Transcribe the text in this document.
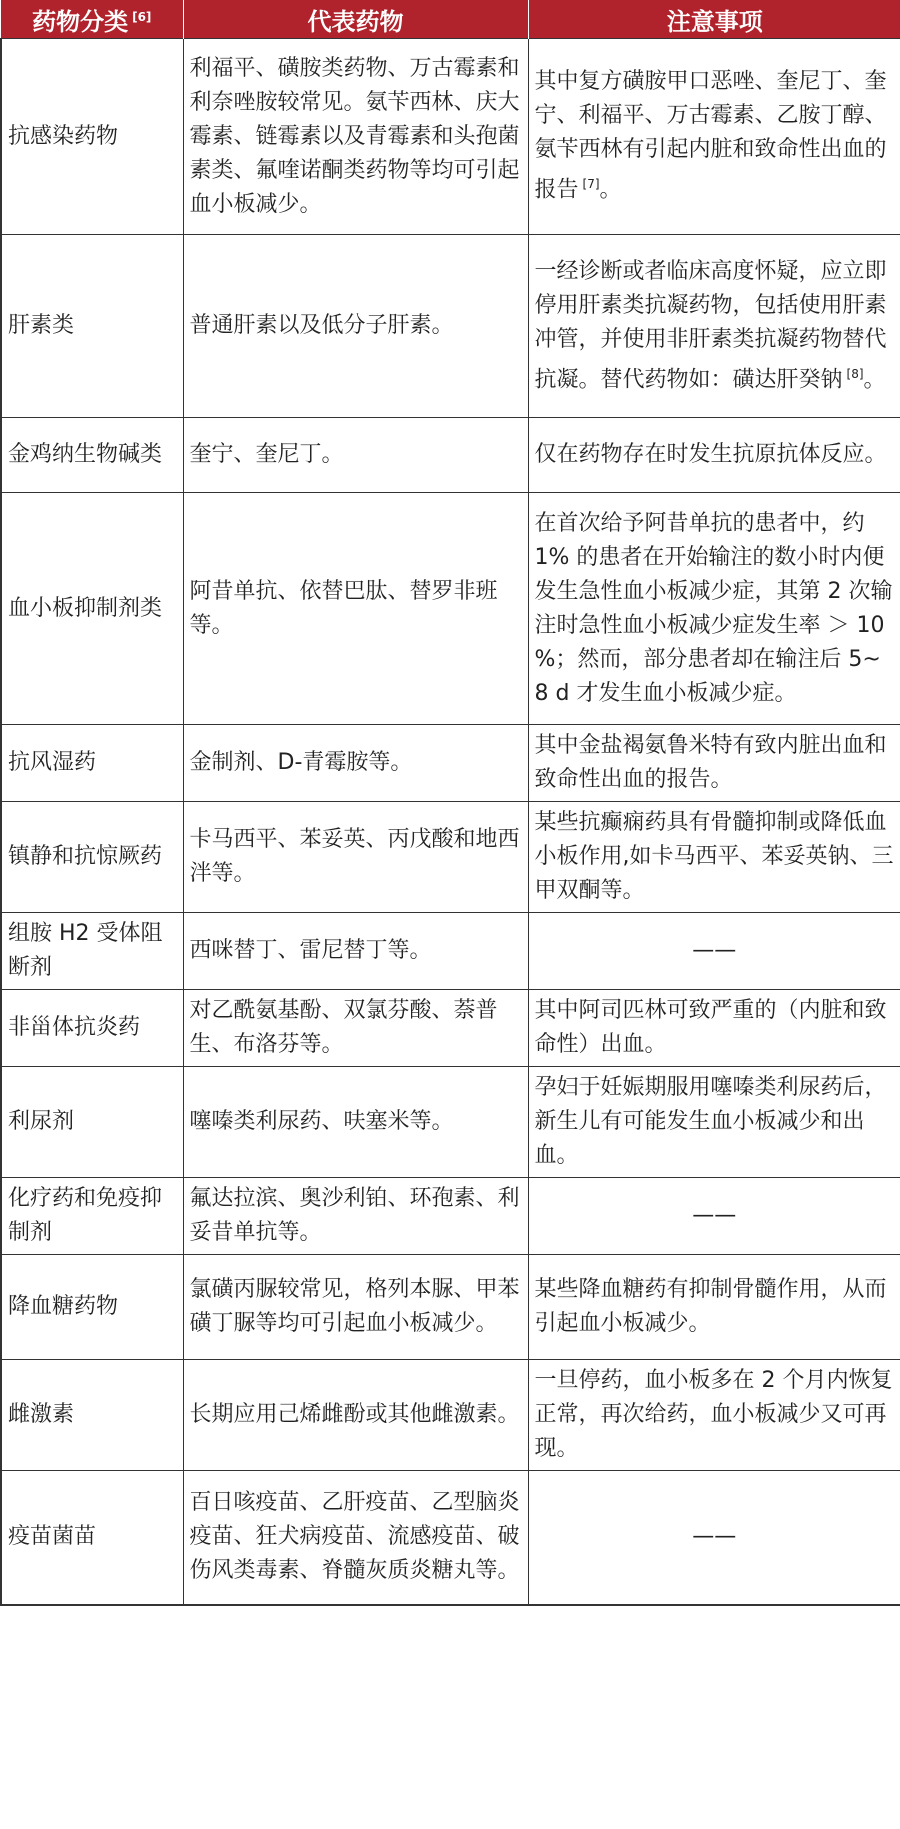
药物分类 [6]	代表药物	注意事项
抗感染药物	利福平、磺胺类药物、万古霉素和利奈唑胺较常见。氨苄西林、庆大霉素、链霉素以及青霉素和头孢菌素类、氟喹诺酮类药物等均可引起血小板减少。	其中复方磺胺甲口恶唑、奎尼丁、奎宁、利福平、万古霉素、乙胺丁醇、氨苄西林有引起内脏和致命性出血的报告 [7]。
肝素类	普通肝素以及低分子肝素。	一经诊断或者临床高度怀疑，应立即停用肝素类抗凝药物，包括使用肝素冲管，并使用非肝素类抗凝药物替代抗凝。替代药物如：磺达肝癸钠 [8]。
金鸡纳生物碱类	奎宁、奎尼丁。	仅在药物存在时发生抗原抗体反应。
血小板抑制剂类	阿昔单抗、依替巴肽、替罗非班等。	在首次给予阿昔单抗的患者中，约 1% 的患者在开始输注的数小时内便发生急性血小板减少症，其第 2 次输注时急性血小板减少症发生率 ＞ 10 %；然而，部分患者却在输注后 5~8 d 才发生血小板减少症。
抗风湿药	金制剂、D-青霉胺等。	其中金盐褐氨鲁米特有致内脏出血和致命性出血的报告。
镇静和抗惊厥药	卡马西平、苯妥英、丙戊酸和地西泮等。	某些抗癫痫药具有骨髓抑制或降低血小板作用,如卡马西平、苯妥英钠、三甲双酮等。
组胺 H2 受体阻断剂	西咪替丁、雷尼替丁等。	——
非甾体抗炎药	对乙酰氨基酚、双氯芬酸、萘普生、布洛芬等。	其中阿司匹林可致严重的（内脏和致命性）出血。
利尿剂	噻嗪类利尿药、呋塞米等。	孕妇于妊娠期服用噻嗪类利尿药后，新生儿有可能发生血小板减少和出血。
化疗药和免疫抑制剂	氟达拉滨、奥沙利铂、环孢素、利妥昔单抗等。	——
降血糖药物	氯磺丙脲较常见，格列本脲、甲苯磺丁脲等均可引起血小板减少。	某些降血糖药有抑制骨髓作用，从而引起血小板减少。
雌激素	长期应用己烯雌酚或其他雌激素。	一旦停药，血小板多在 2 个月内恢复正常，再次给药，血小板减少又可再现。
疫苗菌苗	百日咳疫苗、乙肝疫苗、乙型脑炎疫苗、狂犬病疫苗、流感疫苗、破伤风类毒素、脊髓灰质炎糖丸等。	——
